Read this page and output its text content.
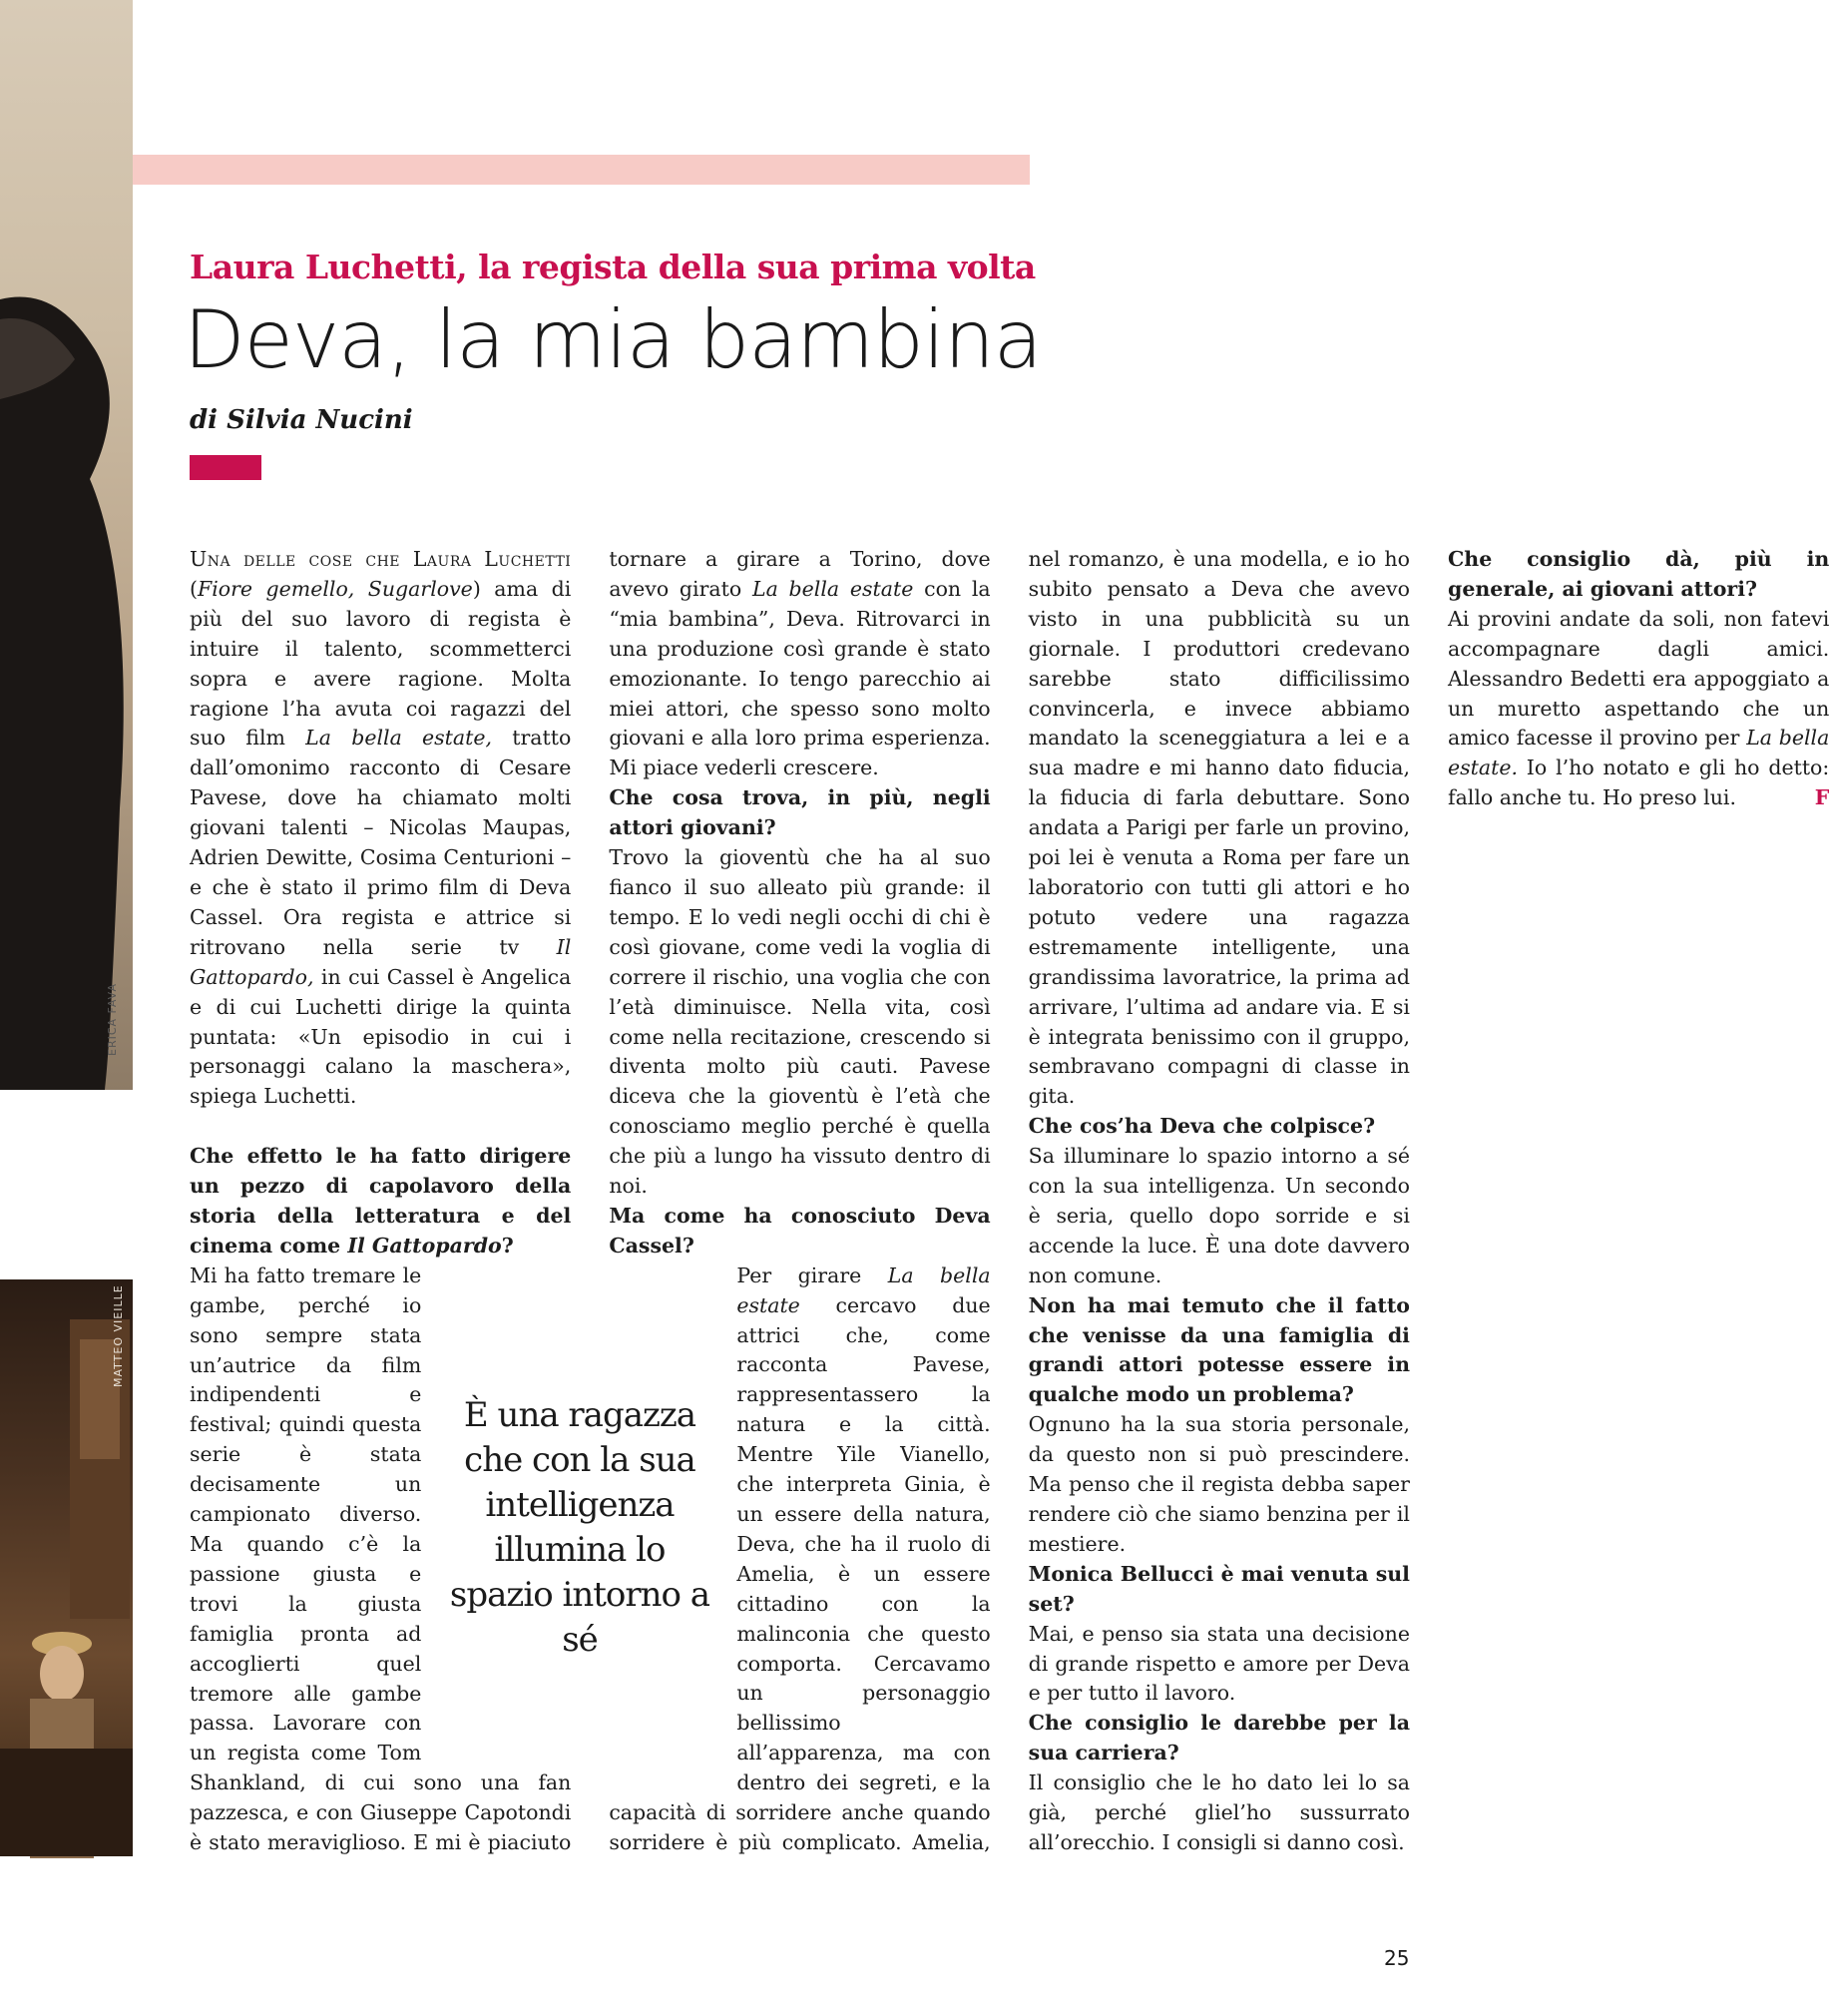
ERICA FAVA
MATTEO VIEILLE
Laura Luchetti, la regista della sua prima volta
Deva, la mia bambina
di Silvia Nucini
È una ragazza che con la sua intelligenza illumina lo spazio intorno a sé
25

Una delle cose che Laura Luchetti (Fiore gemello, Sugarlove) ama di più del suo lavoro di regista è intuire il talento, scommetterci sopra e avere ragione. Molta ragione l’ha avuta coi ragazzi del suo film La bella estate, tratto dall’omonimo racconto di Cesare Pavese, dove ha chiamato molti giovani talenti – Nicolas Maupas, Adrien Dewitte, Cosima Centurioni – e che è stato il primo film di Deva Cassel. Ora regista e attrice si ritrovano nella serie tv Il Gattopardo, in cui Cassel è Angelica e di cui Luchetti dirige la quinta puntata: «Un episodio in cui i personaggi calano la maschera», spiega Luchetti.

Che effetto le ha fatto dirigere un pezzo di capolavoro della storia della letteratura e del cinema come Il Gattopardo?

Mi ha fatto tremare le gambe, perché io sono sempre stata un’autrice da film indipendenti e festival; quindi questa serie è stata decisamente un campionato diverso. Ma quando c’è la passione giusta e trovi la giusta famiglia pronta ad accoglierti quel tremore alle gambe passa. Lavorare con un regista come Tom Shankland, di cui sono una fan pazzesca, e con Giuseppe Capotondi è stato meraviglioso. E mi è piaciuto tornare a girare a Torino, dove avevo girato La bella estate con la “mia bambina”, Deva. Ritrovarci in una produzione così grande è stato emozionante. Io tengo parecchio ai miei attori, che spesso sono molto giovani e alla loro prima esperienza. Mi piace vederli crescere.

Che cosa trova, in più, negli attori giovani?

Trovo la gioventù che ha al suo fianco il suo alleato più grande: il tempo. E lo vedi negli occhi di chi è così giovane, come vedi la voglia di correre il rischio, una voglia che con l’età diminuisce. Nella vita, così come nella recitazione, crescendo si diventa molto più cauti. Pavese diceva che la gioventù è l’età che conosciamo meglio perché è quella che più a lungo ha vissuto dentro di noi.

Ma come ha conosciuto Deva Cassel?

Per girare La bella estate cercavo due attrici che, come racconta Pavese, rappresentassero la natura e la città. Mentre Yile Vianello, che interpreta Ginia, è un essere della natura, Deva, che ha il ruolo di Amelia, è un essere cittadino con la malinconia che questo comporta. Cercavamo un personaggio bellissimo all’apparenza, ma con dentro dei segreti, e la capacità di sorridere anche quando sorridere è più complicato. Amelia, nel romanzo, è una modella, e io ho subito pensato a Deva che avevo visto in una pubblicità su un giornale. I produttori credevano sarebbe stato difficilissimo convincerla, e invece abbiamo mandato la sceneggiatura a lei e a sua madre e mi hanno dato fiducia, la fiducia di farla debuttare. Sono andata a Parigi per farle un provino, poi lei è venuta a Roma per fare un laboratorio con tutti gli attori e ho potuto vedere una ragazza estremamente intelligente, una grandissima lavoratrice, la prima ad arrivare, l’ultima ad andare via. E si è integrata benissimo con il gruppo, sembravano compagni di classe in gita.

Che cos’ha Deva che colpisce?

Sa illuminare lo spazio intorno a sé con la sua intelligenza. Un secondo è seria, quello dopo sorride e si accende la luce. È una dote davvero non comune.

Non ha mai temuto che il fatto che venisse da una famiglia di grandi attori potesse essere in qualche modo un problema?

Ognuno ha la sua storia personale, da questo non si può prescindere. Ma penso che il regista debba saper rendere ciò che siamo benzina per il mestiere.

Monica Bellucci è mai venuta sul set?

Mai, e penso sia stata una decisione di grande rispetto e amore per Deva e per tutto il lavoro.

Che consiglio le darebbe per la sua carriera?

Il consiglio che le ho dato lei lo sa già, perché gliel’ho sussurrato all’orecchio. I consigli si danno così.

Che consiglio dà, più in generale, ai giovani attori?

Ai provini andate da soli, non fatevi accompagnare dagli amici. Alessandro Bedetti era appoggiato a un muretto aspettando che un amico facesse il provino per La bella estate. Io l’ho notato e gli ho detto: fallo anche tu. Ho preso lui.	F
